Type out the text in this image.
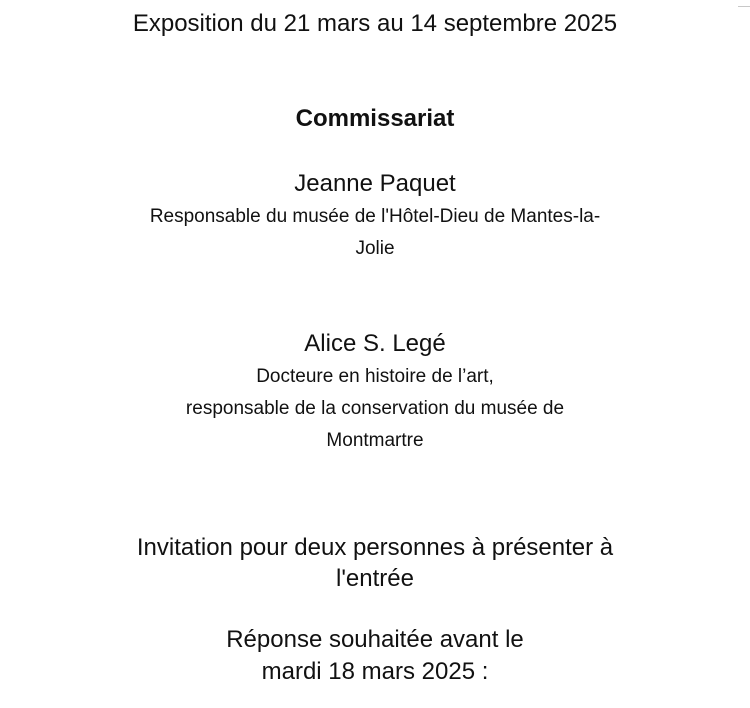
Exposition du 21 mars au 14 septembre 2025
Commissariat
Jeanne Paquet
Responsable du musée de l'Hôtel-Dieu de Mantes-la-
Jolie
Alice S. Legé
Docteure en histoire de l’art,
responsable de la conservation du musée de
Montmartre
Invitation pour deux personnes à présenter à
l'entrée
Réponse souhaitée avant le
mardi 18 mars 2025 :
